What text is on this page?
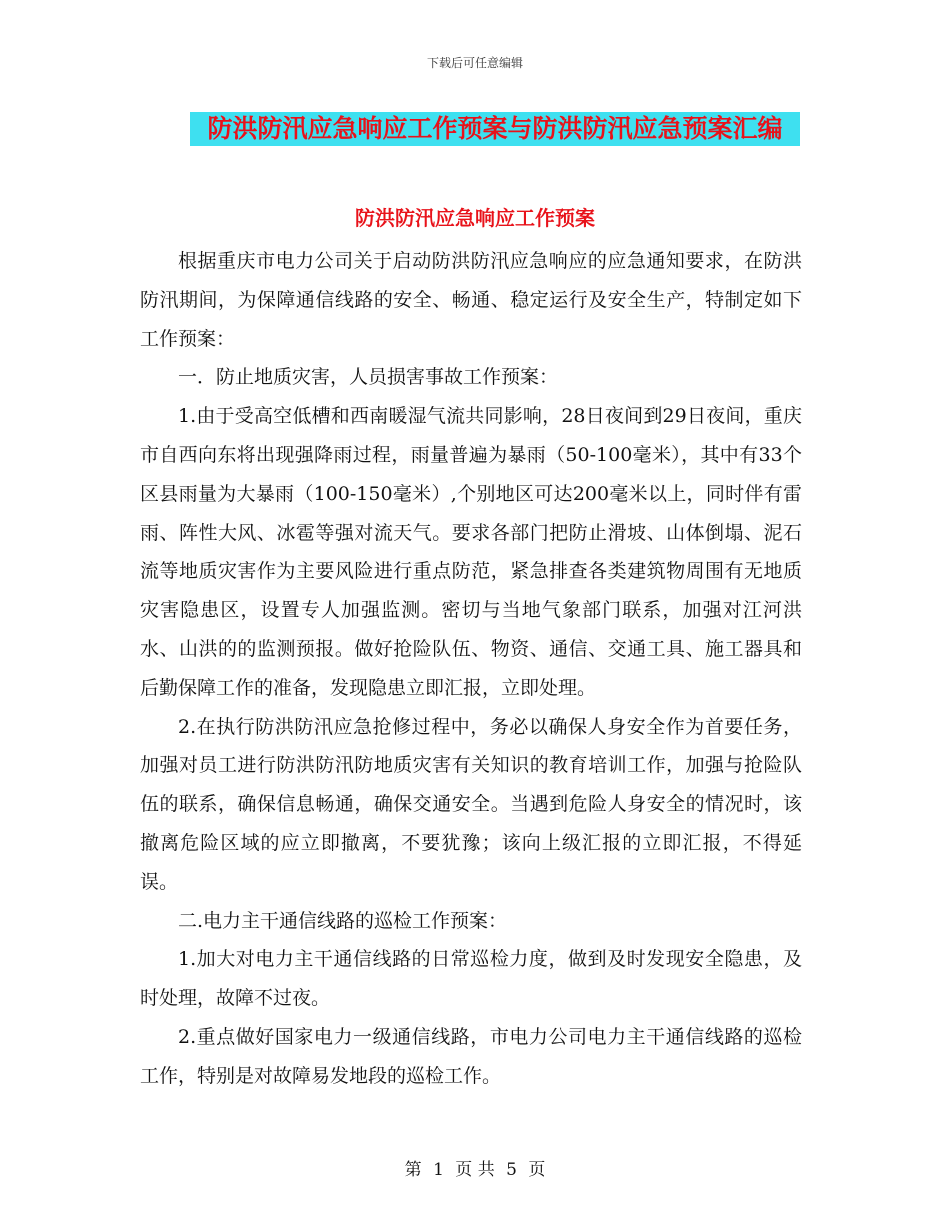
下载后可任意编辑
防洪防汛应急响应工作预案与防洪防汛应急预案汇编
防洪防汛应急响应工作预案

根据重庆市电力公司关于启动防洪防汛应急响应的应急通知要求，在防洪防汛期间，为保障通信线路的安全、畅通、稳定运行及安全生产，特制定如下工作预案：

一．防止地质灾害，人员损害事故工作预案：

1.由于受高空低槽和西南暖湿气流共同影响，28日夜间到29日夜间，重庆市自西向东将出现强降雨过程，雨量普遍为暴雨（50-100毫米），其中有33个区县雨量为大暴雨（100-150毫米）,个别地区可达200毫米以上，同时伴有雷雨、阵性大风、冰雹等强对流天气。要求各部门把防止滑坡、山体倒塌、泥石流等地质灾害作为主要风险进行重点防范，紧急排查各类建筑物周围有无地质灾害隐患区，设置专人加强监测。密切与当地气象部门联系，加强对江河洪水、山洪的的监测预报。做好抢险队伍、物资、通信、交通工具、施工器具和后勤保障工作的准备，发现隐患立即汇报，立即处理。

2.在执行防洪防汛应急抢修过程中，务必以确保人身安全作为首要任务，加强对员工进行防洪防汛防地质灾害有关知识的教育培训工作，加强与抢险队伍的联系，确保信息畅通，确保交通安全。当遇到危险人身安全的情况时，该撤离危险区域的应立即撤离，不要犹豫；该向上级汇报的立即汇报，不得延误。

二.电力主干通信线路的巡检工作预案：

1.加大对电力主干通信线路的日常巡检力度，做到及时发现安全隐患，及时处理，故障不过夜。

2.重点做好国家电力一级通信线路，市电力公司电力主干通信线路的巡检工作，特别是对故障易发地段的巡检工作。

第 1 页 共 5 页
